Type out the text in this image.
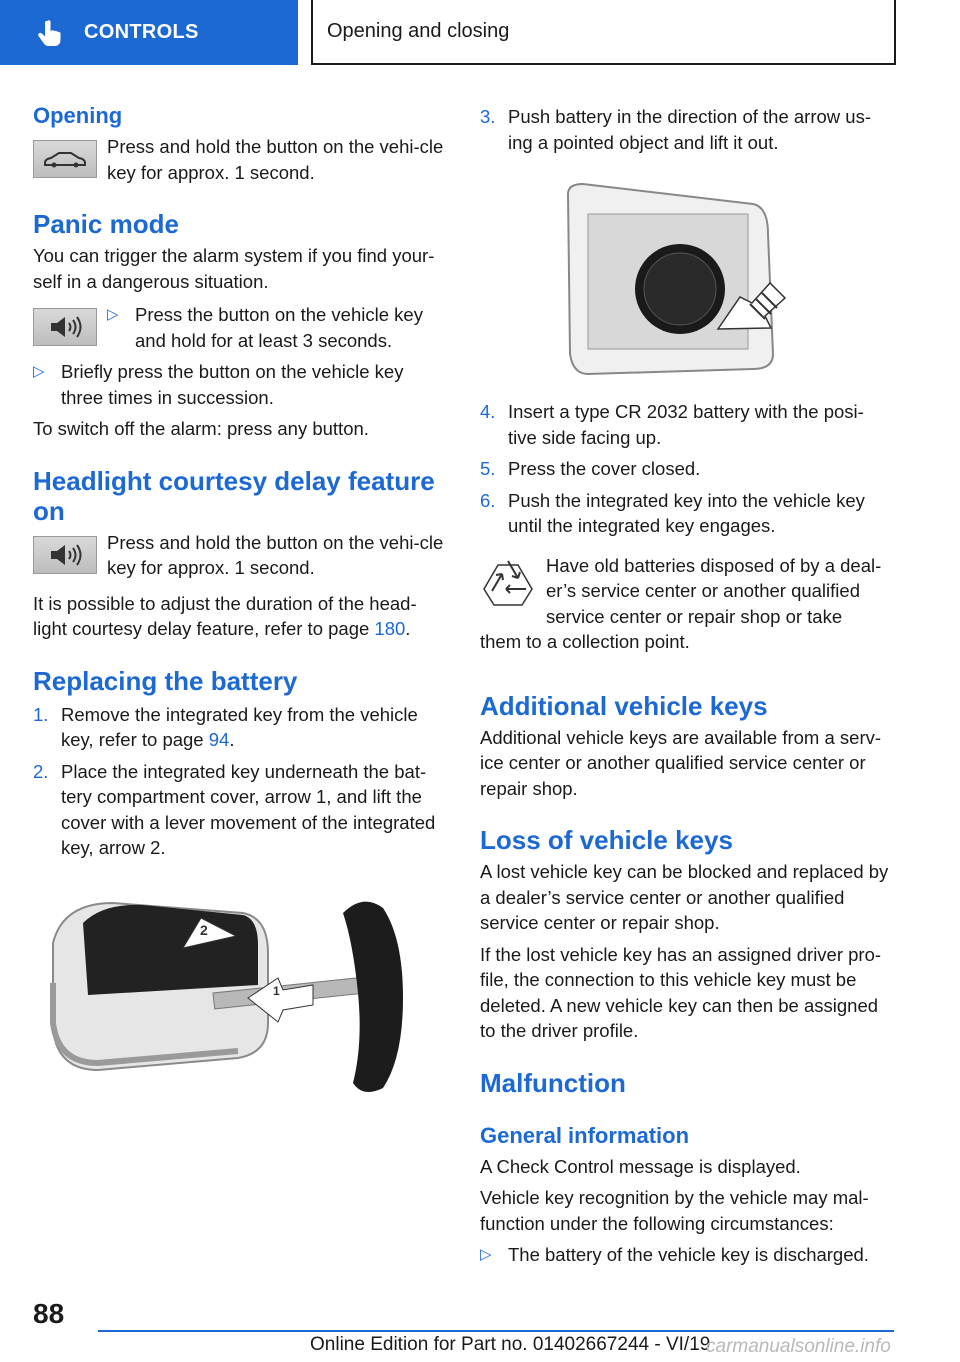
CONTROLS	Opening and closing
Opening
Press and hold the button on the vehi-cle key for approx. 1 second.
Panic mode
You can trigger the alarm system if you find your-self in a dangerous situation.
▷ Press the button on the vehicle key and hold for at least 3 seconds.
▷ Briefly press the button on the vehicle key three times in succession.
To switch off the alarm: press any button.
Headlight courtesy delay feature on
Press and hold the button on the vehi-cle key for approx. 1 second.
It is possible to adjust the duration of the head-light courtesy delay feature, refer to page 180.
Replacing the battery
1. Remove the integrated key from the vehicle key, refer to page 94.
2. Place the integrated key underneath the bat-tery compartment cover, arrow 1, and lift the cover with a lever movement of the integrated key, arrow 2.
2
1
3. Push battery in the direction of the arrow us-ing a pointed object and lift it out.
4. Insert a type CR 2032 battery with the posi-tive side facing up.
5. Press the cover closed.
6. Push the integrated key into the vehicle key until the integrated key engages.
Have old batteries disposed of by a deal-er’s service center or another qualified service center or repair shop or take
them to a collection point.
Additional vehicle keys
Additional vehicle keys are available from a serv-ice center or another qualified service center or repair shop.
Loss of vehicle keys
A lost vehicle key can be blocked and replaced by a dealer’s service center or another qualified service center or repair shop.
If the lost vehicle key has an assigned driver pro-file, the connection to this vehicle key must be deleted. A new vehicle key can then be assigned to the driver profile.
Malfunction
General information
A Check Control message is displayed.
Vehicle key recognition by the vehicle may mal-function under the following circumstances:
▷ The battery of the vehicle key is discharged.
88
Online Edition for Part no. 01402667244 - VI/19
carmanualsonline.info
